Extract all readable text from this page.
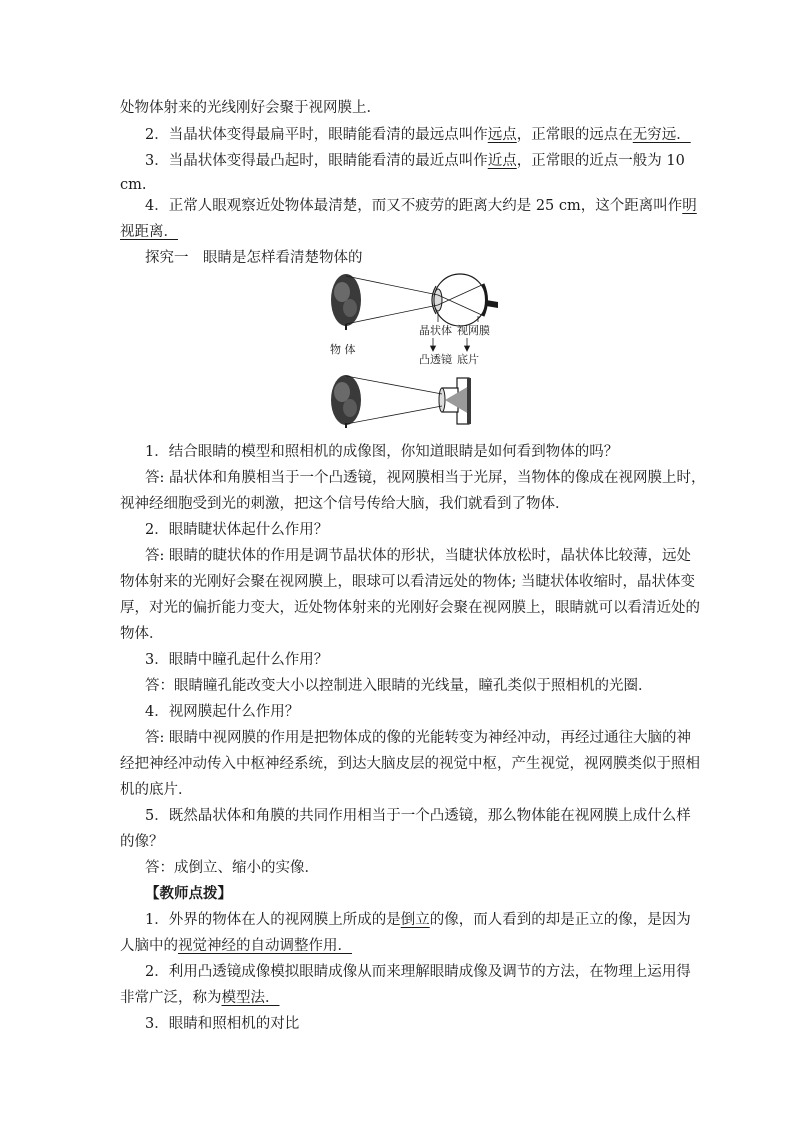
处物体射来的光线刚好会聚于视网膜上．
2．当晶状体变得最扁平时，眼睛能看清的最远点叫作远点，正常眼的远点在无穷远．
3．当晶状体变得最凸起时，眼睛能看清的最近点叫作近点，正常眼的近点一般为 10
cm.
4．正常人眼观察近处物体最清楚，而又不疲劳的距离大约是 25 cm，这个距离叫作明
视距离．
探究一　眼睛是怎样看清楚物体的
晶状体 视网膜
凸透镜 底片
物 体
1．结合眼睛的模型和照相机的成像图，你知道眼睛是如何看到物体的吗？
答: 晶状体和角膜相当于一个凸透镜，视网膜相当于光屏，当物体的像成在视网膜上时，
视神经细胞受到光的刺激，把这个信号传给大脑，我们就看到了物体．
2．眼睛睫状体起什么作用？
答: 眼睛的睫状体的作用是调节晶状体的形状，当睫状体放松时，晶状体比较薄，远处
物体射来的光刚好会聚在视网膜上，眼球可以看清远处的物体; 当睫状体收缩时，晶状体变
厚，对光的偏折能力变大，近处物体射来的光刚好会聚在视网膜上，眼睛就可以看清近处的
物体．
3．眼睛中瞳孔起什么作用？
答：眼睛瞳孔能改变大小以控制进入眼睛的光线量，瞳孔类似于照相机的光圈．
4．视网膜起什么作用？
答: 眼睛中视网膜的作用是把物体成的像的光能转变为神经冲动，再经过通往大脑的神
经把神经冲动传入中枢神经系统，到达大脑皮层的视觉中枢，产生视觉，视网膜类似于照相
机的底片．
5．既然晶状体和角膜的共同作用相当于一个凸透镜，那么物体能在视网膜上成什么样
的像？
答：成倒立、缩小的实像．
【教师点拨】
1．外界的物体在人的视网膜上所成的是倒立的像，而人看到的却是正立的像，是因为
人脑中的视觉神经的自动调整作用．
2．利用凸透镜成像模拟眼睛成像从而来理解眼睛成像及调节的方法，在物理上运用得
非常广泛，称为模型法．
3．眼睛和照相机的对比
